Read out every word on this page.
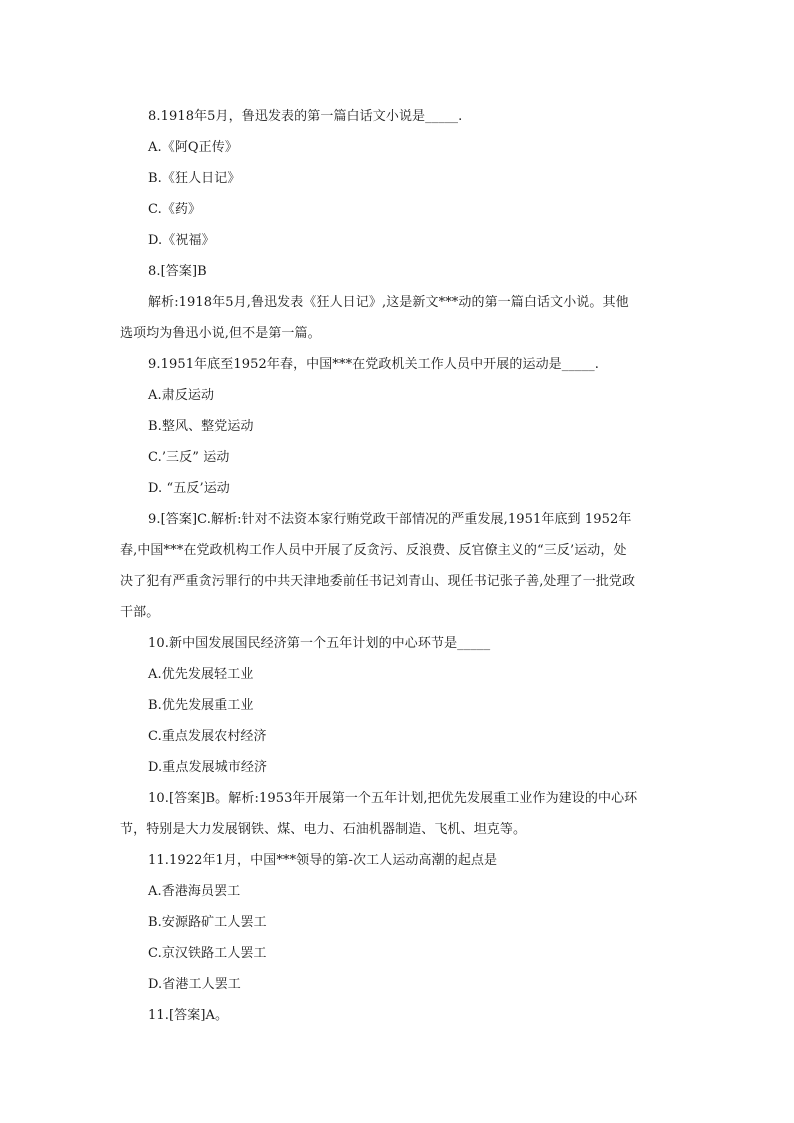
8.1918年5月，鲁迅发表的第一篇白话文小说是_____.
A.《阿Q正传》
B.《狂人日记》
C.《药》
D.《祝福》
8.[答案]B
解析:1918年5月,鲁迅发表《狂人日记》,这是新文***动的第一篇白话文小说。其他
选项均为鲁迅小说,但不是第一篇。
9.1951年底至1952年春，中国***在党政机关工作人员中开展的运动是_____.
A.肃反运动
B.整风、整党运动
C.’三反” 运动
D. “五反’运动
9.[答案]C.解析:针对不法资本家行贿党政干部情况的严重发展,1951年底到 1952年
春,中国***在党政机构工作人员中开展了反贪污、反浪费、反官僚主义的“三反’运动，处
决了犯有严重贪污罪行的中共天津地委前任书记刘青山、现任书记张子善,处理了一批党政
干部。
10.新中国发展国民经济第一个五年计划的中心环节是_____
A.优先发展轻工业
B.优先发展重工业
C.重点发展农村经济
D.重点发展城市经济
10.[答案]B。解析:1953年开展第一个五年计划,把优先发展重工业作为建设的中心环
节，特别是大力发展钢铁、煤、电力、石油机器制造、飞机、坦克等。
11.1922年1月，中国***领导的第-次工人运动高潮的起点是
A.香港海员罢工
B.安源路矿工人罢工
C.京汉铁路工人罢工
D.省港工人罢工
11.[答案]A。
